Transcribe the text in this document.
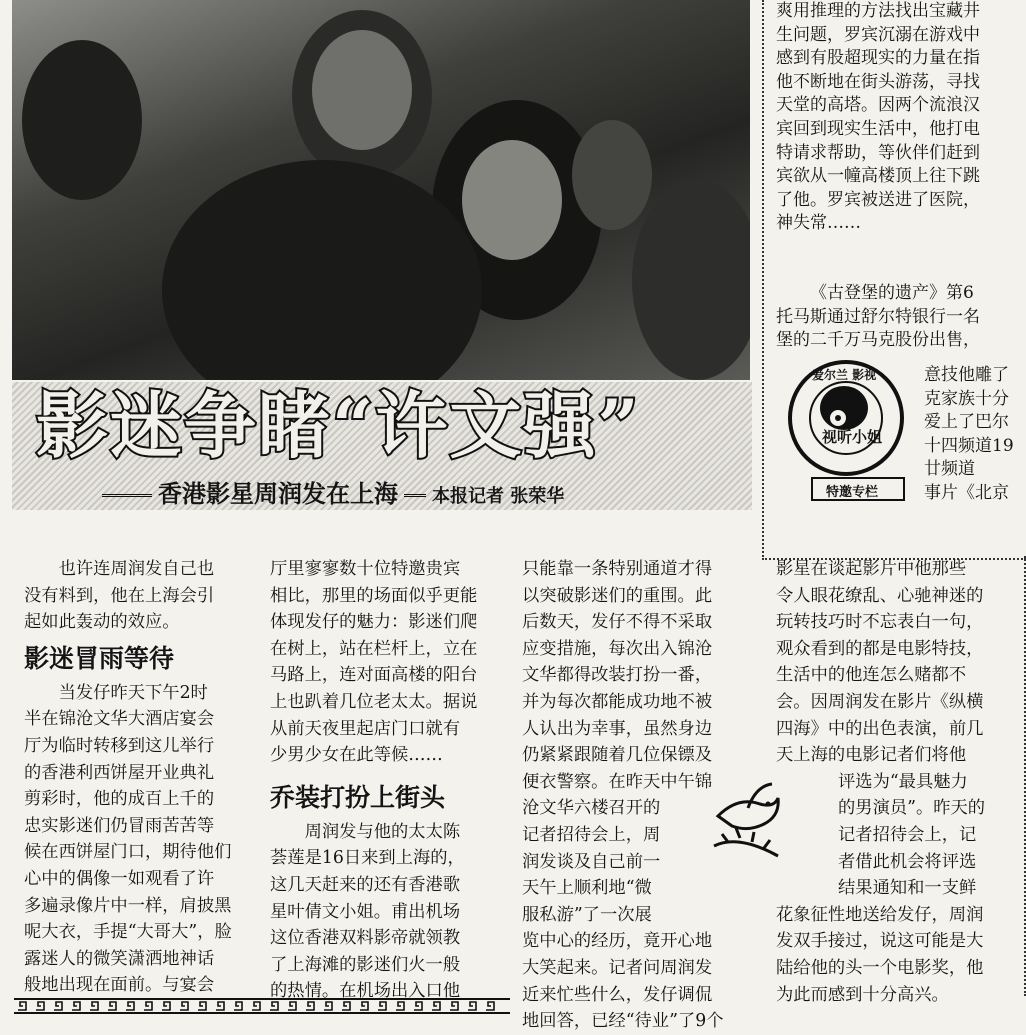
爽用推理的方法找出宝藏井

生问题，罗宾沉溺在游戏中

感到有股超现实的力量在指

他不断地在街头游荡，寻找

天堂的高塔。因两个流浪汉

宾回到现实生活中，他打电

特请求帮助，等伙伴们赶到

宾欲从一幢高楼顶上往下跳

了他。罗宾被送进了医院，

神失常……

《古登堡的遗产》第6

托马斯通过舒尔特银行一名

堡的二千万马克股份出售，

意技他雕了

克家族十分

爱上了巴尔

十四频道19

廿频道

事片《北京

视听小姐
爱尔兰 影视
特邀专栏
影迷争睹“许文强”
香港影星周润发在上海 本报记者 张荣华

也许连周润发自己也

没有料到，他在上海会引

起如此轰动的效应。

影迷冒雨等待

当发仔昨天下午2时

半在锦沧文华大酒店宴会

厅为临时转移到这儿举行

的香港利西饼屋开业典礼

剪彩时，他的成百上千的

忠实影迷们仍冒雨苦苦等

候在西饼屋门口，期待他们

心中的偶像一如观看了许

多遍录像片中一样，肩披黑

呢大衣，手提“大哥大”，脸

露迷人的微笑潇洒地神话

般地出现在面前。与宴会

厅里寥寥数十位特邀贵宾

相比，那里的场面似乎更能

体现发仔的魅力：影迷们爬

在树上，站在栏杆上，立在

马路上，连对面高楼的阳台

上也趴着几位老太太。据说

从前天夜里起店门口就有

少男少女在此等候……

乔装打扮上街头

周润发与他的太太陈

荟莲是16日来到上海的，

这几天赶来的还有香港歌

星叶倩文小姐。甫出机场

这位香港双料影帝就领教

了上海滩的影迷们火一般

的热情。在机场出入口他

只能靠一条特别通道才得

以突破影迷们的重围。此

后数天，发仔不得不采取

应变措施，每次出入锦沧

文华都得改装打扮一番，

并为每次都能成功地不被

人认出为幸事，虽然身边

仍紧紧跟随着几位保镖及

便衣警察。在昨天中午锦

沧文华六楼召开的

记者招待会上，周

润发谈及自己前一

天午上顺利地“微

服私游”了一次展

览中心的经历，竟开心地

大笑起来。记者问周润发

近来忙些什么，发仔调侃

地回答，已经“待业”了9个

影星在谈起影片中他那些

令人眼花缭乱、心驰神迷的

玩转技巧时不忘表白一句，

观众看到的都是电影特技，

生活中的他连怎么赌都不

会。因周润发在影片《纵横

四海》中的出色表演，前几

天上海的电影记者们将他

评选为“最具魅力

的男演员”。昨天的

记者招待会上，记

者借此机会将评选

结果通知和一支鲜

花象征性地送给发仔，周润

发双手接过，说这可能是大

陆给他的头一个电影奖，他

为此而感到十分高兴。
